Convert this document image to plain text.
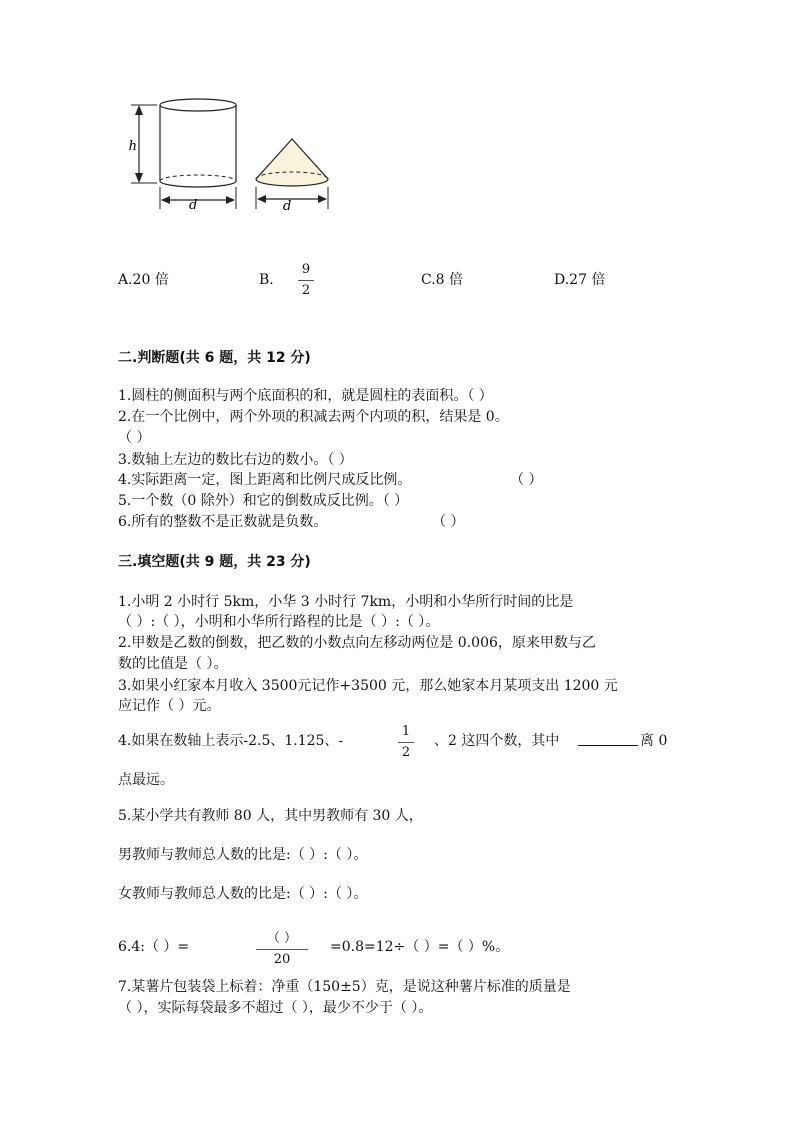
h
d	d
A.20 倍	B.
9
2
C.8 倍	D.27 倍
二.判断题(共 6 题，共 12 分)
1.圆柱的侧面积与两个底面积的和，就是圆柱的表面积。（ ）
2.在一个比例中，两个外项的积减去两个内项的积，结果是 0。
（ ）
3.数轴上左边的数比右边的数小。（ ）
4.实际距离一定，图上距离和比例尺成反比例。	（ ）
5.一个数（0 除外）和它的倒数成反比例。（ ）
6.所有的整数不是正数就是负数。	（ ）
三.填空题(共 9 题，共 23 分)
1.小明 2 小时行 5km，小华 3 小时行 7km，小明和小华所行时间的比是
（ ）:（ ），小明和小华所行路程的比是（ ）:（ ）。
2.甲数是乙数的倒数，把乙数的小数点向左移动两位是 0.006，原来甲数与乙
数的比值是（ ）。
3.如果小红家本月收入 3500元记作+3500 元，那么她家本月某项支出 1200 元
应记作（ ）元。
4.如果在数轴上表示-2.5、1.125、-
1
2
、2 这四个数，其中	离 0
点最远。
5.某小学共有教师 80 人，其中男教师有 30 人，
男教师与教师总人数的比是:（ ）:（ ）。
女教师与教师总人数的比是:（ ）:（ ）。
6.4:（ ）=
（ ）
20
=0.8=12÷（ ）=（ ）%。
7.某薯片包装袋上标着：净重（150±5）克，是说这种薯片标准的质量是
（ ），实际每袋最多不超过（ ），最少不少于（ ）。
